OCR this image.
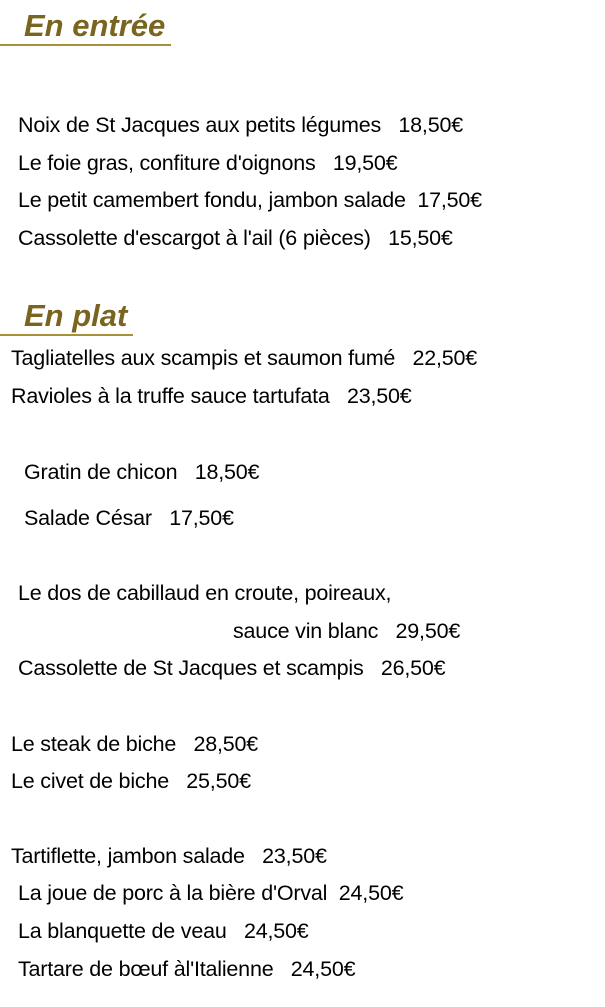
En entrée
Noix de St Jacques aux petits légumes 18,50€
Le foie gras, confiture d'oignons 19,50€
Le petit camembert fondu, jambon salade 17,50€
Cassolette d'escargot à l'ail (6 pièces) 15,50€
En plat
Tagliatelles aux scampis et saumon fumé 22,50€
Ravioles à la truffe sauce tartufata 23,50€
Gratin de chicon 18,50€
Salade César 17,50€
Le dos de cabillaud en croute, poireaux,
sauce vin blanc 29,50€
Cassolette de St Jacques et scampis 26,50€
Le steak de biche 28,50€
Le civet de biche 25,50€
Tartiflette, jambon salade 23,50€
La joue de porc à la bière d'Orval 24,50€
La blanquette de veau 24,50€
Tartare de bœuf àl'Italienne 24,50€
